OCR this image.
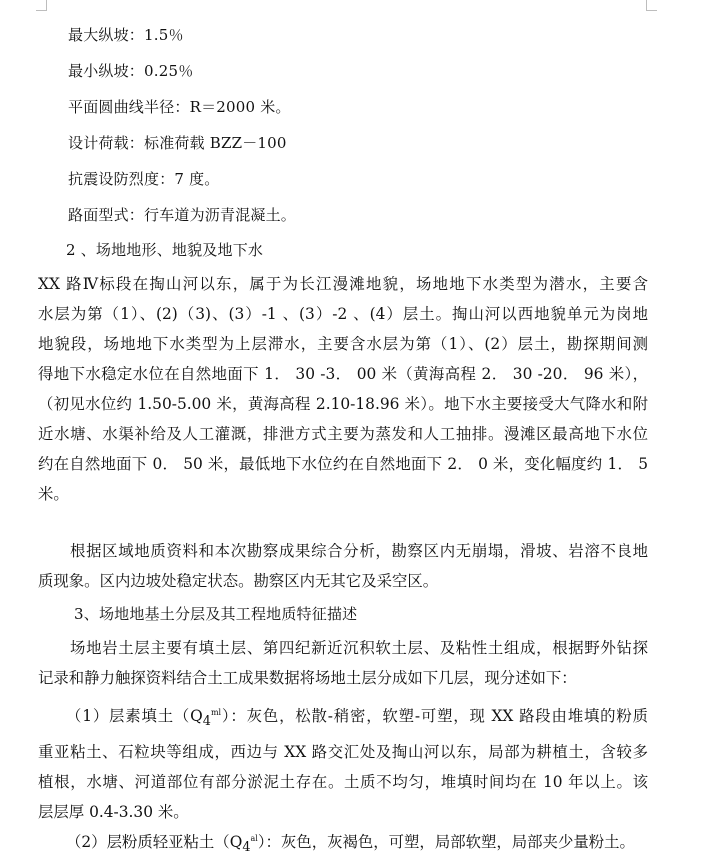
最大纵坡：1.5％
最小纵坡：0.25％
平面圆曲线半径：R＝2000 米。
设计荷载：标准荷载 BZZ－100
抗震设防烈度：7 度。
路面型式：行车道为沥青混凝土。
2 、场地地形、地貌及地下水
XX 路Ⅳ标段在掏山河以东，属于为长江漫滩地貌，场地地下水类型为潜水，主要含
水层为第（1）、(2)（3)、(3）-1 、(3）-2 、(4）层土。掏山河以西地貌单元为岗地
地貌段，场地地下水类型为上层滞水，主要含水层为第（1）、(2）层土，勘探期间测
得地下水稳定水位在自然地面下 1． 30 -3． 00 米（黄海高程 2． 30 -20． 96 米），
（初见水位约 1.50-5.00 米，黄海高程 2.10-18.96 米）。地下水主要接受大气降水和附
近水塘、水渠补给及人工灌溉，排泄方式主要为蒸发和人工抽排。漫滩区最高地下水位
约在自然地面下 0． 50 米，最低地下水位约在自然地面下 2． 0 米，变化幅度约 1． 5
米。
根据区域地质资料和本次勘察成果综合分析，勘察区内无崩塌，滑坡、岩溶不良地
质现象。区内边坡处稳定状态。勘察区内无其它及采空区。
3、场地地基土分层及其工程地质特征描述
场地岩土层主要有填土层、第四纪新近沉积软土层、及粘性土组成，根据野外钻探
记录和静力触探资料结合土工成果数据将场地土层分成如下几层，现分述如下：
（1）层素填土$(Q_4^{ml})$：灰色，松散-稍密，软塑-可塑，现 XX 路段由堆填的粉质
重亚粘土、石粒块等组成，西边与 XX 路交汇处及掏山河以东，局部为耕植土，含较多
植根，水塘、河道部位有部分淤泥土存在。土质不均匀，堆填时间均在 10 年以上。该
层层厚 0.4-3.30 米。
（2）层粉质轻亚粘土$(Q_4^{al})$：灰色，灰褐色，可塑，局部软塑，局部夹少量粉土。
